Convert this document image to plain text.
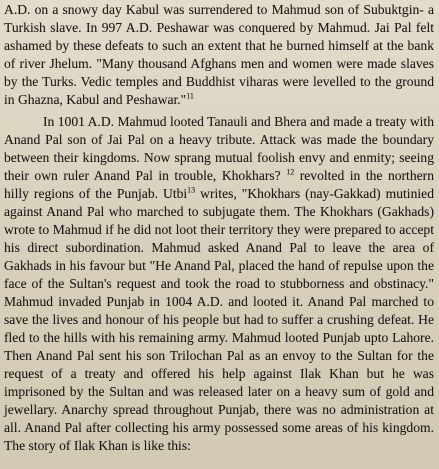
A.D. on a snowy day Kabul was surrendered to Mahmud son of Subuktgin- a Turkish slave. In 997 A.D. Peshawar was conquered by Mahmud. Jai Pal felt ashamed by these defeats to such an extent that he burned himself at the bank of river Jhelum. "Many thousand Afghans men and women were made slaves by the Turks. Vedic temples and Buddhist viharas were levelled to the ground in Ghazna, Kabul and Peshawar."$^{11}$

In 1001 A.D. Mahmud looted Tanauli and Bhera and made a treaty with Anand Pal son of Jai Pal on a heavy tribute. Attack was made the boundary between their kingdoms. Now sprang mutual foolish envy and enmity; seeing their own ruler Anand Pal in trouble, Khokhars? $^{12}$ revolted in the northern hilly regions of the Punjab. Utbi$^{13}$ writes, "Khokhars (nay-Gakkad) mutinied against Anand Pal who marched to subjugate them. The Khokhars (Gakhads) wrote to Mahmud if he did not loot their territory they were prepared to accept his direct subordination. Mahmud asked Anand Pal to leave the area of Gakhads in his favour but "He Anand Pal, placed the hand of repulse upon the face of the Sultan's request and took the road to stubborness and obstinacy." Mahmud invaded Punjab in 1004 A.D. and looted it. Anand Pal marched to save the lives and honour of his people but had to suffer a crushing defeat. He fled to the hills with his remaining army. Mahmud looted Punjab upto Lahore. Then Anand Pal sent his son Trilochan Pal as an envoy to the Sultan for the request of a treaty and offered his help against Ilak Khan but he was imprisoned by the Sultan and was released later on a heavy sum of gold and jewellary. Anarchy spread throughout Punjab, there was no administration at all. Anand Pal after collecting his army possessed some areas of his kingdom. The story of Ilak Khan is like this:
